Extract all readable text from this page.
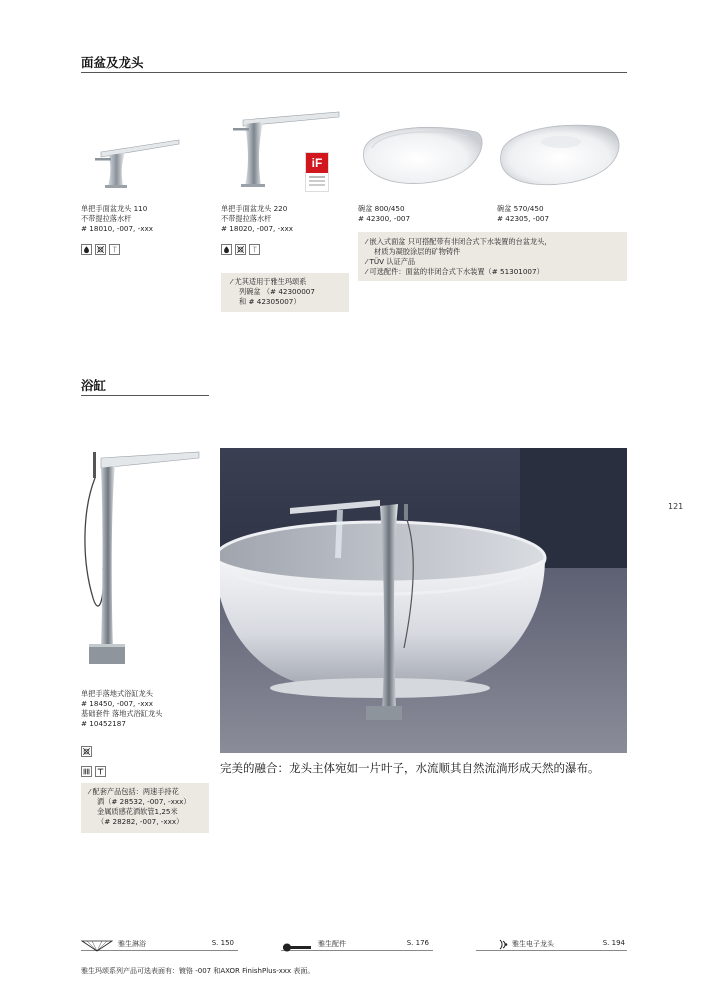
面盆及龙头
iF
单把手面盆龙头 110
不带提拉落水杆
# 18010, -007, -xxx
单把手面盆龙头 220
不带提拉落水杆
# 18020, -007, -xxx
碗盆 800/450
# 42300, -007
碗盆 570/450
# 42305, -007
⁄ 尤其适用于雅生玛颂系
列碗盆 （# 42300007
和 # 42305007）
⁄ 嵌入式面盆 只可搭配带有非闭合式下水装置的台盆龙头，
材质为凝胶涂层的矿物铸件
⁄ TÜV 认证产品
⁄ 可选配件：面盆的非闭合式下水装置（# 51301007）
浴缸
单把手落地式浴缸龙头
# 18450, -007, -xxx
基础套件 落地式浴缸龙头
# 10452187
⁄ 配套产品包括：两速手持花
洒（# 28532, -007, -xxx）
金属质感花洒软管1,25米
（# 28282, -007, -xxx）
完美的融合：龙头主体宛如一片叶子，水流顺其自然流淌形成天然的瀑布。
121
雅生淋浴	S. 150	雅生配件	S. 176	雅生电子龙头	S. 194
雅生玛颂系列产品可选表面有：镀铬 -007 和AXOR FinishPlus-xxx 表面。
